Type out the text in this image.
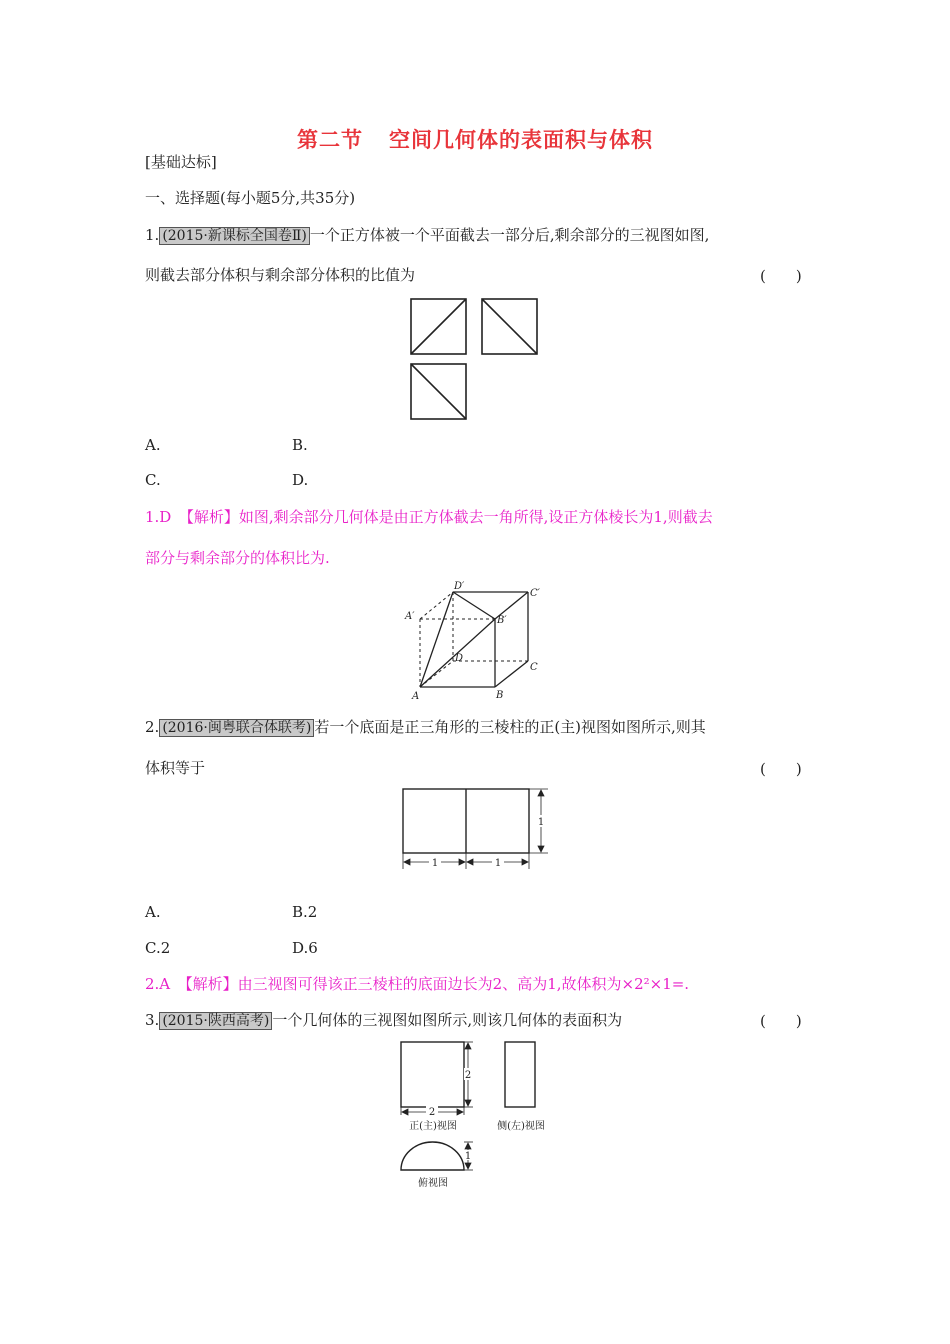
第二节 空间几何体的表面积与体积
[基础达标]
一、选择题(每小题5分,共35分)
1. (2015·新课标全国卷Ⅱ) 一个正方体被一个平面截去一部分后,剩余部分的三视图如图,
则截去部分体积与剩余部分体积的比值为	(　　)
A.	B.
C.	D.
1.D　【解析】如图,剩余部分几何体是由正方体截去一角所得,设正方体棱长为1,则截去
部分与剩余部分的体积比为.
D′
C′
A′	B′
D
C
A	B
2. (2016·闽粤联合体联考) 若一个底面是正三角形的三棱柱的正(主)视图如图所示,则其
体积等于	(　　)
1
1	1
A.	B.2
C.2	D.6
2.A　【解析】由三视图可得该正三棱柱的底面边长为2、高为1,故体积为×2²×1=.
3. (2015·陕西高考) 一个几何体的三视图如图所示,则该几何体的表面积为	(　　)
2
2
1
正(主)视图	侧(左)视图
俯视图
